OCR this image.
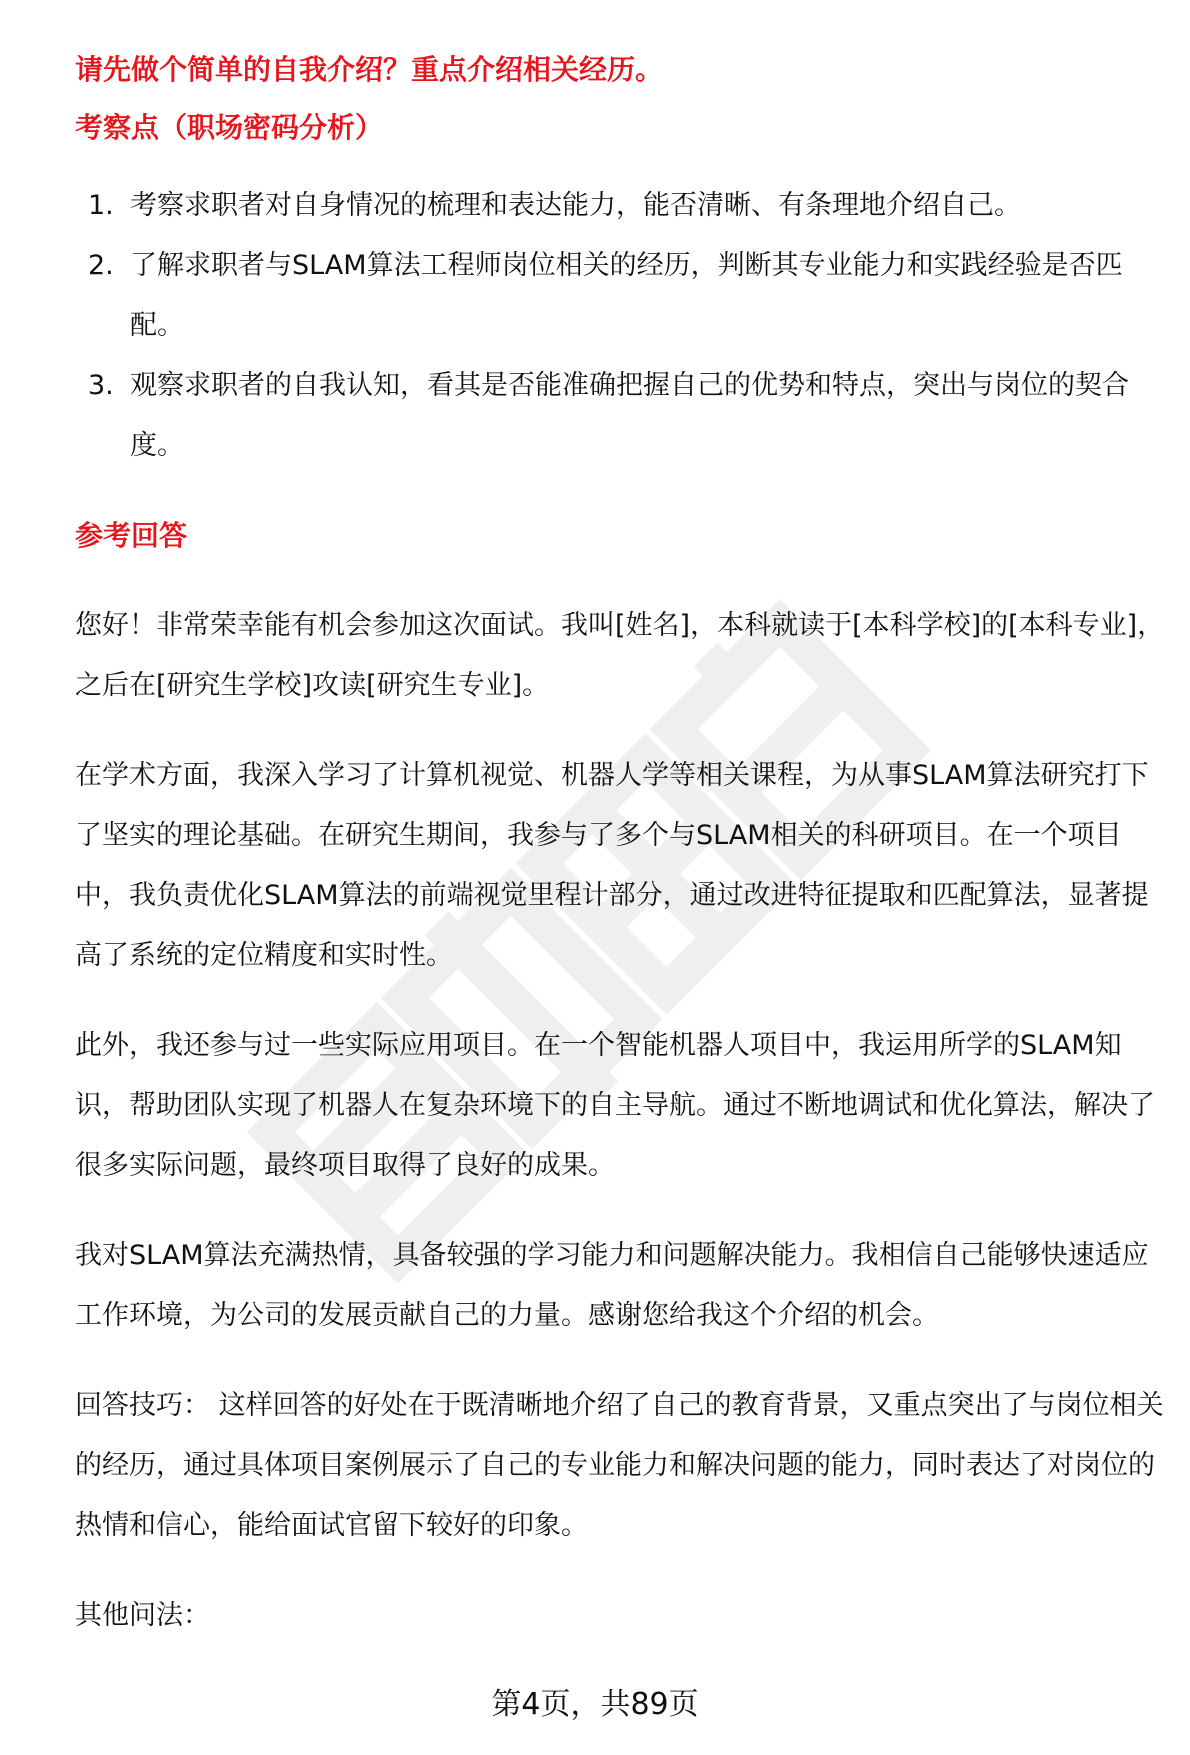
请先做个简单的自我介绍？重点介绍相关经历。
考察点（职场密码分析）
1. 考察求职者对自身情况的梳理和表达能力，能否清晰、有条理地介绍自己。
2. 了解求职者与SLAM算法工程师岗位相关的经历，判断其专业能力和实践经验是否匹配。
3. 观察求职者的自我认知，看其是否能准确把握自己的优势和特点，突出与岗位的契合度。
参考回答

您好！非常荣幸能有机会参加这次面试。我叫[姓名]，本科就读于[本科学校]的[本科专业]，之后在[研究生学校]攻读[研究生专业]。

在学术方面，我深入学习了计算机视觉、机器人学等相关课程，为从事SLAM算法研究打下了坚实的理论基础。在研究生期间，我参与了多个与SLAM相关的科研项目。在一个项目中，我负责优化SLAM算法的前端视觉里程计部分，通过改进特征提取和匹配算法，显著提高了系统的定位精度和实时性。

此外，我还参与过一些实际应用项目。在一个智能机器人项目中，我运用所学的SLAM知识，帮助团队实现了机器人在复杂环境下的自主导航。通过不断地调试和优化算法，解决了很多实际问题，最终项目取得了良好的成果。

我对SLAM算法充满热情，具备较强的学习能力和问题解决能力。我相信自己能够快速适应工作环境，为公司的发展贡献自己的力量。感谢您给我这个介绍的机会。

回答技巧： 这样回答的好处在于既清晰地介绍了自己的教育背景，又重点突出了与岗位相关的经历，通过具体项目案例展示了自己的专业能力和解决问题的能力，同时表达了对岗位的热情和信心，能给面试官留下较好的印象。

其他问法：

第4页，共89页
